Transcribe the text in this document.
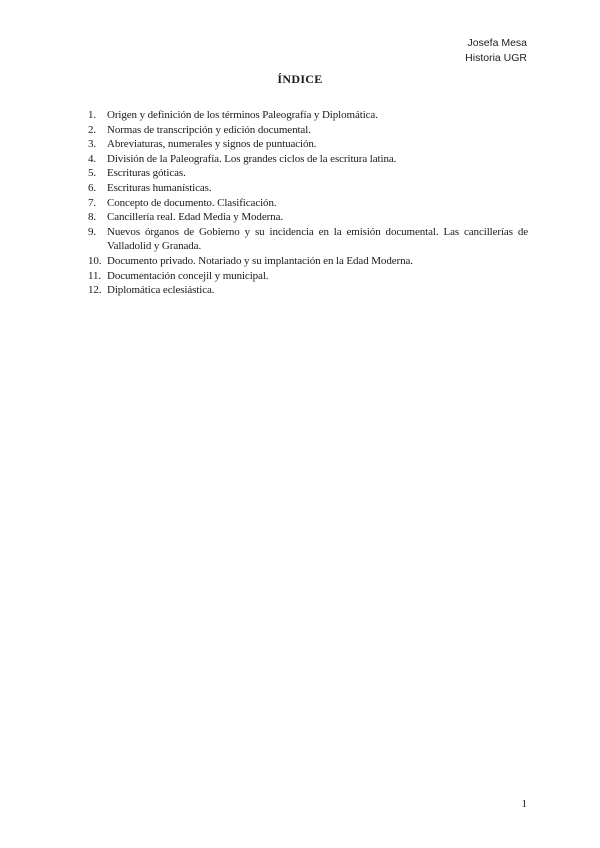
Josefa Mesa
Historia UGR
ÍNDICE
1. Origen y definición de los términos Paleografía y Diplomática.
2. Normas de transcripción y edición documental.
3. Abreviaturas, numerales y signos de puntuación.
4. División de la Paleografía. Los grandes ciclos de la escritura latina.
5. Escrituras góticas.
6. Escrituras humanísticas.
7. Concepto de documento. Clasificación.
8. Cancillería real. Edad Media y Moderna.
9. Nuevos órganos de Gobierno y su incidencia en la emisión documental. Las cancillerías de Valladolid y Granada.
10. Documento privado. Notariado y su implantación en la Edad Moderna.
11. Documentación concejil y municipal.
12. Diplomática eclesiástica.
1
